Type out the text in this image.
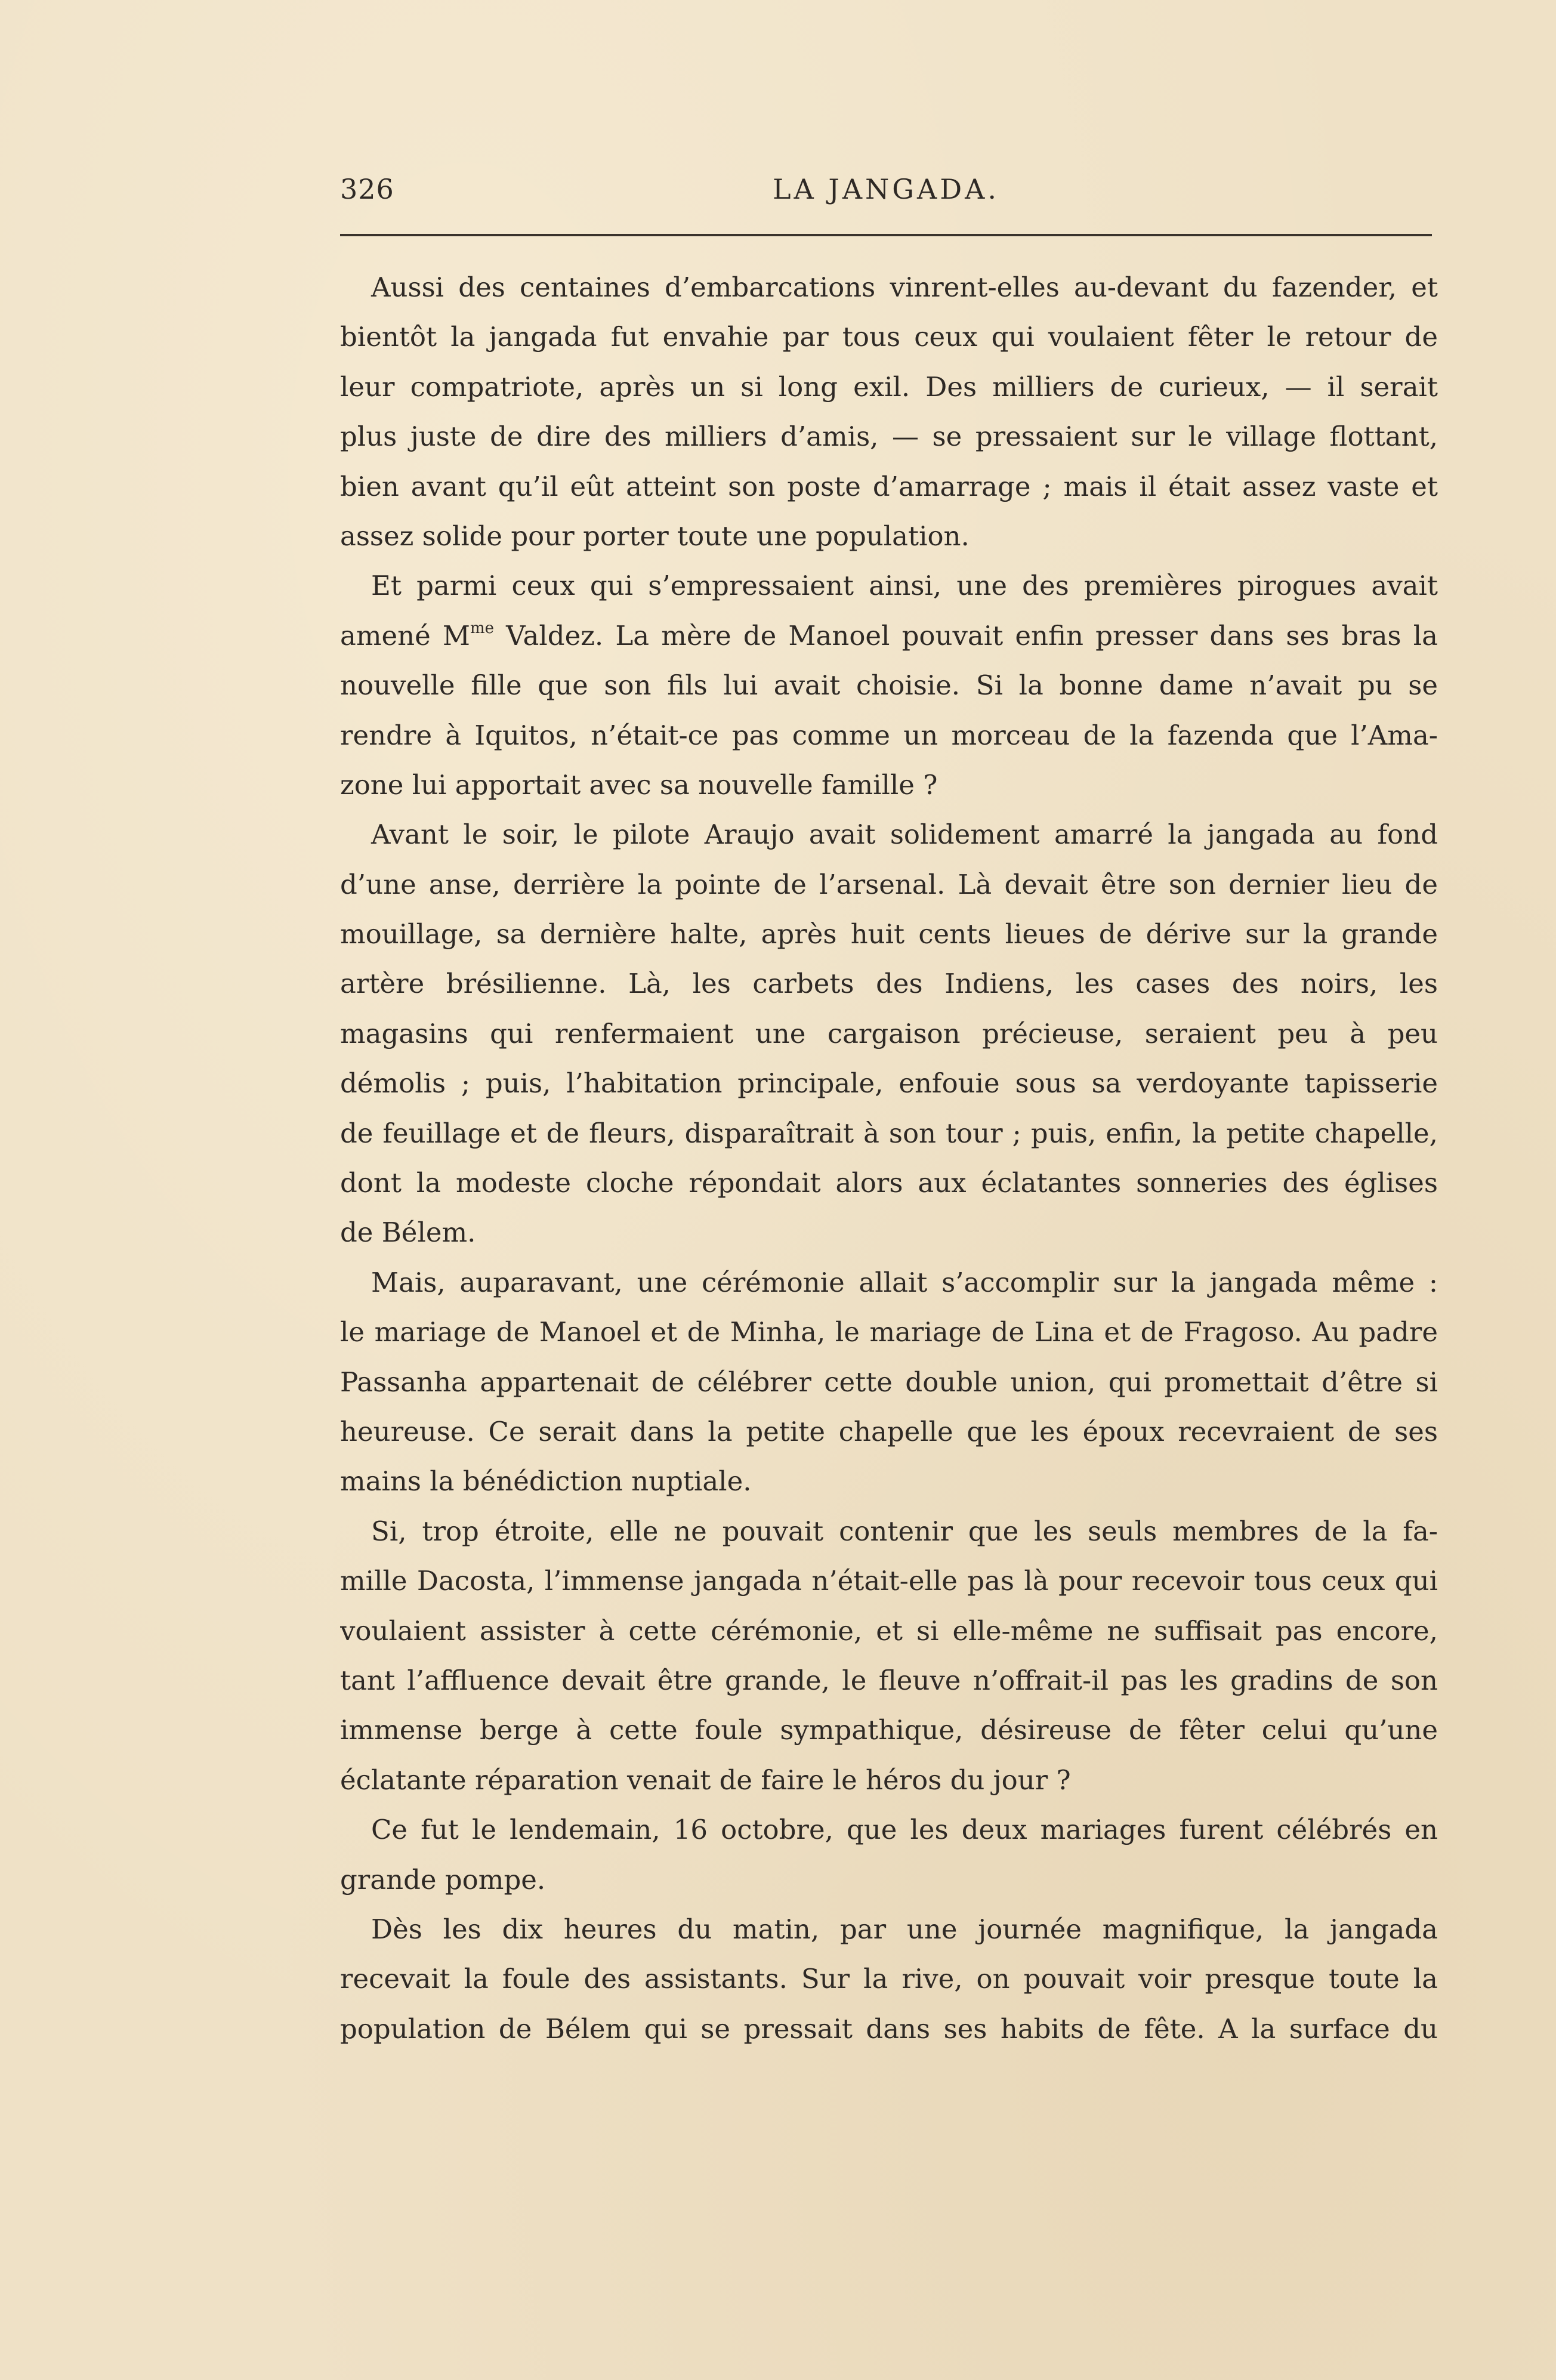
326	LA JANGADA.
Aussi des centaines d’embarcations vinrent-elles au-devant du fazender, et
bientôt la jangada fut envahie par tous ceux qui voulaient fêter le retour de
leur compatriote, après un si long exil. Des milliers de curieux, — il serait
plus juste de dire des milliers d’amis, — se pressaient sur le village flottant,
bien avant qu’il eût atteint son poste d’amarrage ; mais il était assez vaste et
assez solide pour porter toute une population.
Et parmi ceux qui s’empressaient ainsi, une des premières pirogues avait
amené $M^{me}$ Valdez. La mère de Manoel pouvait enfin presser dans ses bras la
nouvelle fille que son fils lui avait choisie. Si la bonne dame n’avait pu se
rendre à Iquitos, n’était-ce pas comme un morceau de la fazenda que l’Ama-
zone lui apportait avec sa nouvelle famille ?
Avant le soir, le pilote Araujo avait solidement amarré la jangada au fond
d’une anse, derrière la pointe de l’arsenal. Là devait être son dernier lieu de
mouillage, sa dernière halte, après huit cents lieues de dérive sur la grande
artère brésilienne. Là, les carbets des Indiens, les cases des noirs, les
magasins qui renfermaient une cargaison précieuse, seraient peu à peu
démolis ; puis, l’habitation principale, enfouie sous sa verdoyante tapisserie
de feuillage et de fleurs, disparaîtrait à son tour ; puis, enfin, la petite chapelle,
dont la modeste cloche répondait alors aux éclatantes sonneries des églises
de Bélem.
Mais, auparavant, une cérémonie allait s’accomplir sur la jangada même :
le mariage de Manoel et de Minha, le mariage de Lina et de Fragoso. Au padre
Passanha appartenait de célébrer cette double union, qui promettait d’être si
heureuse. Ce serait dans la petite chapelle que les époux recevraient de ses
mains la bénédiction nuptiale.
Si, trop étroite, elle ne pouvait contenir que les seuls membres de la fa-
mille Dacosta, l’immense jangada n’était-elle pas là pour recevoir tous ceux qui
voulaient assister à cette cérémonie, et si elle-même ne suffisait pas encore,
tant l’affluence devait être grande, le fleuve n’offrait-il pas les gradins de son
immense berge à cette foule sympathique, désireuse de fêter celui qu’une
éclatante réparation venait de faire le héros du jour ?
Ce fut le lendemain, 16 octobre, que les deux mariages furent célébrés en
grande pompe.
Dès les dix heures du matin, par une journée magnifique, la jangada
recevait la foule des assistants. Sur la rive, on pouvait voir presque toute la
population de Bélem qui se pressait dans ses habits de fête. A la surface du
